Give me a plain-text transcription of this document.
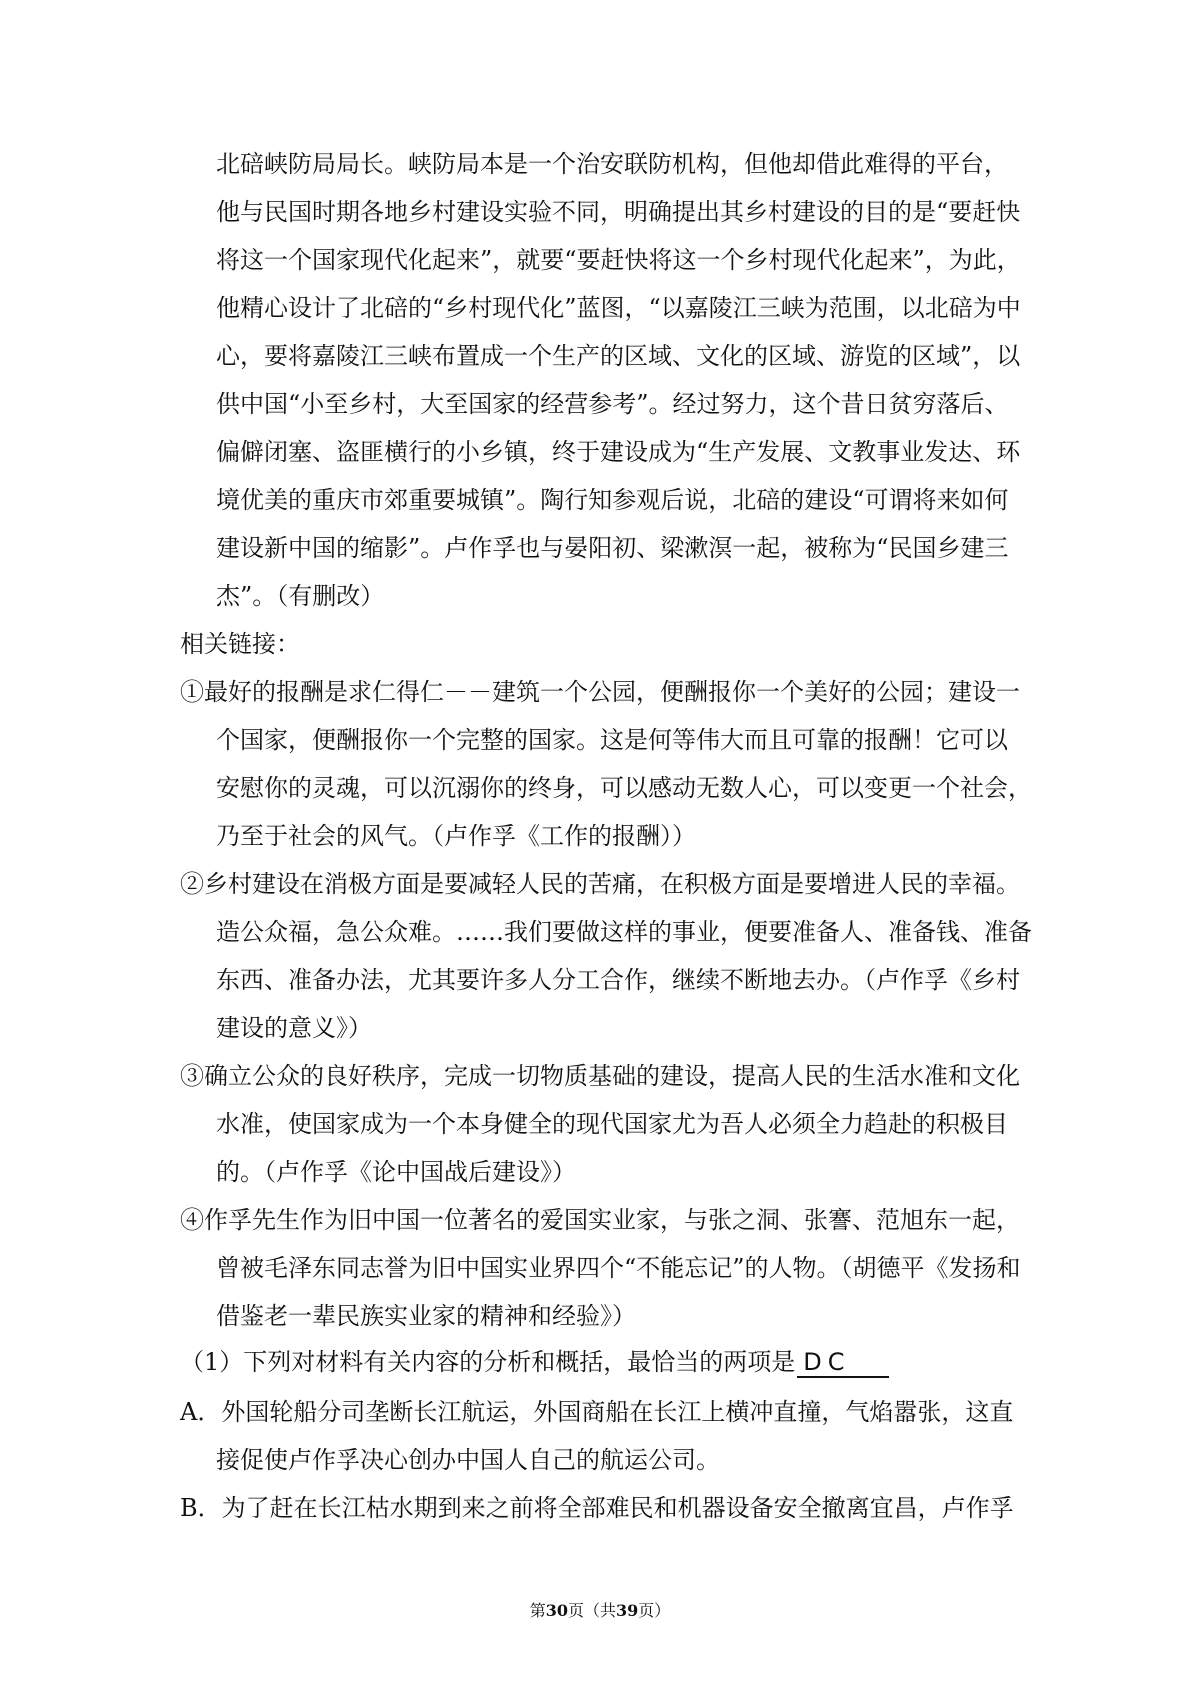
北碚峡防局局长。峡防局本是一个治安联防机构，但他却借此难得的平台，
他与民国时期各地乡村建设实验不同，明确提出其乡村建设的目的是“要赶快
将这一个国家现代化起来”，就要“要赶快将这一个乡村现代化起来”，为此，
他精心设计了北碚的“乡村现代化”蓝图，“以嘉陵江三峡为范围，以北碚为中
心，要将嘉陵江三峡布置成一个生产的区域、文化的区域、游览的区域”，以
供中国“小至乡村，大至国家的经营参考”。经过努力，这个昔日贫穷落后、
偏僻闭塞、盗匪横行的小乡镇，终于建设成为“生产发展、文教事业发达、环
境优美的重庆市郊重要城镇”。陶行知参观后说，北碚的建设“可谓将来如何
建设新中国的缩影”。卢作孚也与晏阳初、梁漱溟一起，被称为“民国乡建三
杰”。（有删改）
相关链接：
①最好的报酬是求仁得仁－－建筑一个公园，便酬报你一个美好的公园；建设一
个国家，便酬报你一个完整的国家。这是何等伟大而且可靠的报酬！它可以
安慰你的灵魂，可以沉溺你的终身，可以感动无数人心，可以变更一个社会，
乃至于社会的风气。（卢作孚《工作的报酬））
②乡村建设在消极方面是要减轻人民的苦痛，在积极方面是要增进人民的幸福。
造公众福，急公众难。……我们要做这样的事业，便要准备人、准备钱、准备
东西、准备办法，尤其要许多人分工合作，继续不断地去办。（卢作孚《乡村
建设的意义》）
③确立公众的良好秩序，完成一切物质基础的建设，提高人民的生活水准和文化
水准，使国家成为一个本身健全的现代国家尤为吾人必须全力趋赴的积极目
的。（卢作孚《论中国战后建设》）
④作孚先生作为旧中国一位著名的爱国实业家，与张之洞、张謇、范旭东一起，
曾被毛泽东同志誉为旧中国实业界四个“不能忘记”的人物。（胡德平《发扬和
借鉴老一辈民族实业家的精神和经验》）
（1）下列对材料有关内容的分析和概括，最恰当的两项是 DC
A．外国轮船分司垄断长江航运，外国商船在长江上横冲直撞，气焰嚣张，这直
接促使卢作孚决心创办中国人自己的航运公司。
B．为了赶在长江枯水期到来之前将全部难民和机器设备安全撤离宜昌，卢作孚
第30页（共39页）
